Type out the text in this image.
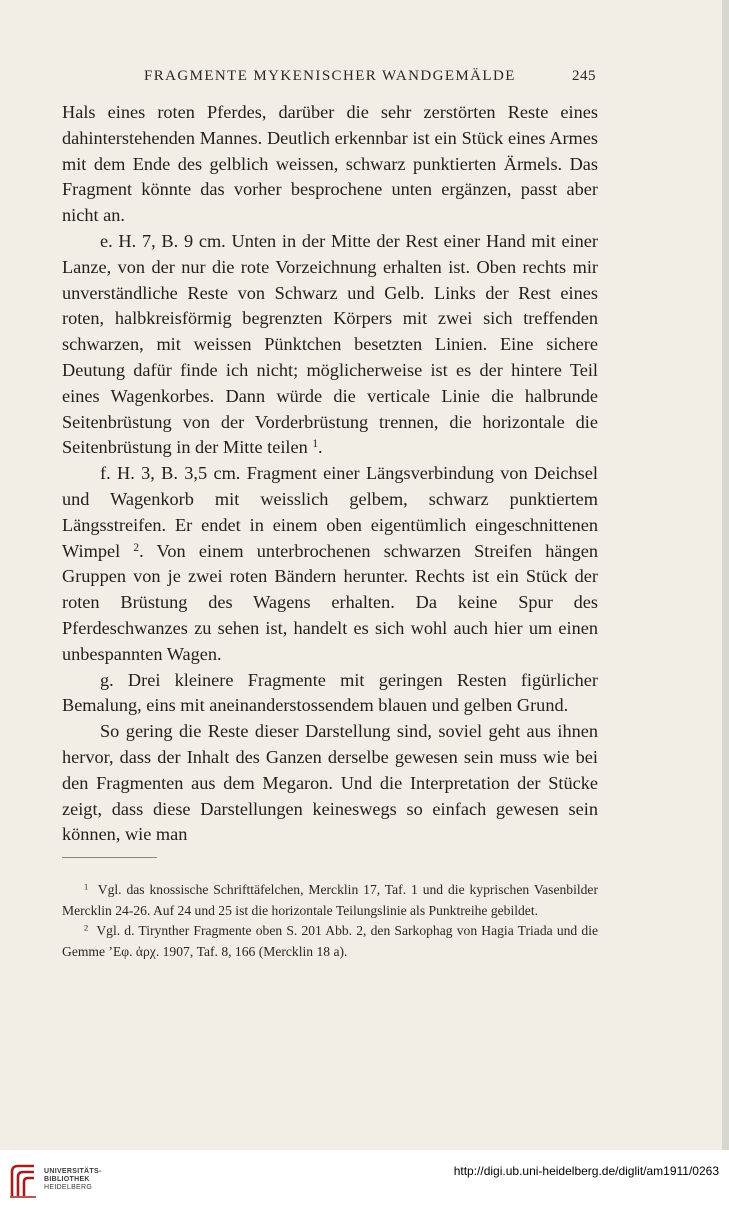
FRAGMENTE MYKENISCHER WANDGEMÄLDE	245

Hals eines roten Pferdes, darüber die sehr zerstörten Reste eines dahinterstehenden Mannes. Deutlich erkennbar ist ein Stück eines Armes mit dem Ende des gelblich weissen, schwarz punktierten Ärmels. Das Fragment könnte das vorher besprochene unten ergänzen, passt aber nicht an.

e. H. 7, B. 9 cm. Unten in der Mitte der Rest einer Hand mit einer Lanze, von der nur die rote Vorzeichnung erhalten ist. Oben rechts mir unverständliche Reste von Schwarz und Gelb. Links der Rest eines roten, halbkreisförmig begrenzten Körpers mit zwei sich treffenden schwarzen, mit weissen Pünktchen besetzten Linien. Eine sichere Deutung dafür finde ich nicht; möglicherweise ist es der hintere Teil eines Wagenkorbes. Dann würde die verticale Linie die halbrunde Seitenbrüstung von der Vorderbrüstung trennen, die horizontale die Seitenbrüstung in der Mitte teilen $^1$.

f. H. 3, B. 3,5 cm. Fragment einer Längsverbindung von Deichsel und Wagenkorb mit weisslich gelbem, schwarz punktiertem Längsstreifen. Er endet in einem oben eigentümlich eingeschnittenen Wimpel $^2$. Von einem unterbrochenen schwarzen Streifen hängen Gruppen von je zwei roten Bändern herunter. Rechts ist ein Stück der roten Brüstung des Wagens erhalten. Da keine Spur des Pferdeschwanzes zu sehen ist, handelt es sich wohl auch hier um einen unbespannten Wagen.

g. Drei kleinere Fragmente mit geringen Resten figürlicher Bemalung, eins mit aneinanderstossendem blauen und gelben Grund.

So gering die Reste dieser Darstellung sind, soviel geht aus ihnen hervor, dass der Inhalt des Ganzen derselbe gewesen sein muss wie bei den Fragmenten aus dem Megaron. Und die Interpretation der Stücke zeigt, dass diese Darstellungen keineswegs so einfach gewesen sein können, wie man

$^1$ Vgl. das knossische Schrifttäfelchen, Mercklin 17, Taf. 1 und die kyprischen Vasenbilder Mercklin 24-26. Auf 24 und 25 ist die horizontale Teilungslinie als Punktreihe gebildet.

$^2$ Vgl. d. Tirynther Fragmente oben S. 201 Abb. 2, den Sarkophag von Hagia Triada und die Gemme ’Εφ. ἀρχ. 1907, Taf. 8, 166 (Mercklin 18 a).

UNIVERSITÄTS-
BIBLIOTHEK
HEIDELBERG
http://digi.ub.uni-heidelberg.de/diglit/am1911/0263
